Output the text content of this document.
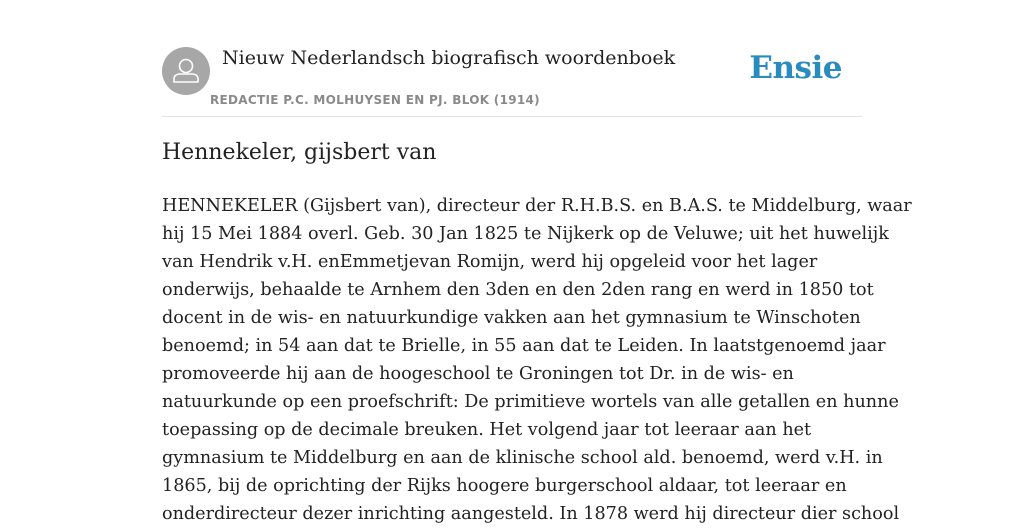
Nieuw Nederlandsch biografisch woordenboek
REDACTIE P.C. MOLHUYSEN EN PJ. BLOK (1914)
Ensie
Hennekeler, gijsbert van

HENNEKELER (Gijsbert van), directeur der R.H.B.S. en B.A.S. te Middelburg, waar
hij 15 Mei 1884 overl. Geb. 30 Jan 1825 te Nijkerk op de Veluwe; uit het huwelijk
van Hendrik v.H. enEmmetjevan Romijn, werd hij opgeleid voor het lager
onderwijs, behaalde te Arnhem den 3den en den 2den rang en werd in 1850 tot
docent in de wis- en natuurkundige vakken aan het gymnasium te Winschoten
benoemd; in 54 aan dat te Brielle, in 55 aan dat te Leiden. In laatstgenoemd jaar
promoveerde hij aan de hoogeschool te Groningen tot Dr. in de wis- en
natuurkunde op een proefschrift: De primitieve wortels van alle getallen en hunne
toepassing op de decimale breuken. Het volgend jaar tot leeraar aan het
gymnasium te Middelburg en aan de klinische school ald. benoemd, werd v.H. in
1865, bij de oprichting der Rijks hoogere burgerschool aldaar, tot leeraar en
onderdirecteur dezer inrichting aangesteld. In 1878 werd hij directeur dier school
